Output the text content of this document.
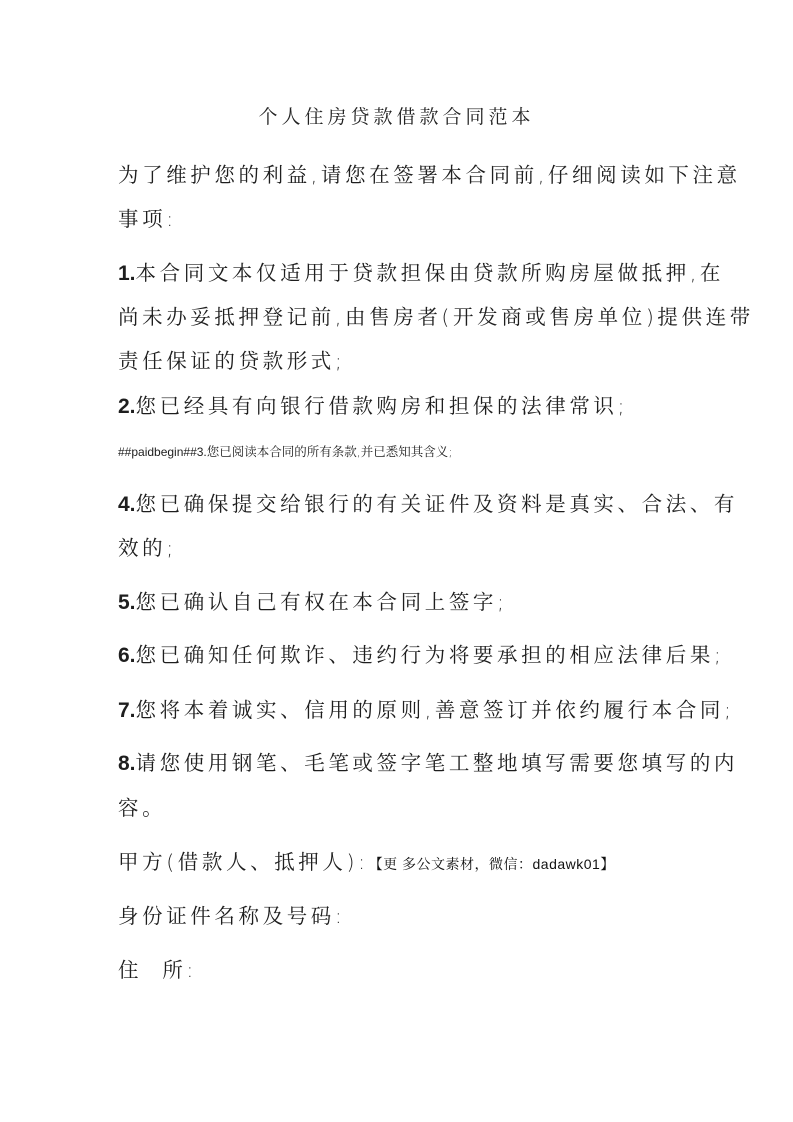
个人住房贷款借款合同范本
为了维护您的利益,请您在签署本合同前,仔细阅读如下注意
事项:
1.本合同文本仅适用于贷款担保由贷款所购房屋做抵押,在
尚未办妥抵押登记前,由售房者(开发商或售房单位)提供连带
责任保证的贷款形式;
2.您已经具有向银行借款购房和担保的法律常识;
##paidbegin##3.您已阅读本合同的所有条款,并已悉知其含义;
4.您已确保提交给银行的有关证件及资料是真实、合法、有
效的;
5.您已确认自己有权在本合同上签字;
6.您已确知任何欺诈、违约行为将要承担的相应法律后果;
7.您将本着诚实、信用的原则,善意签订并依约履行本合同;
8.请您使用钢笔、毛笔或签字笔工整地填写需要您填写的内
容。
甲方(借款人、抵押人):【更 多公文素材，微信：dadawk01】
身份证件名称及号码:
住  所:
